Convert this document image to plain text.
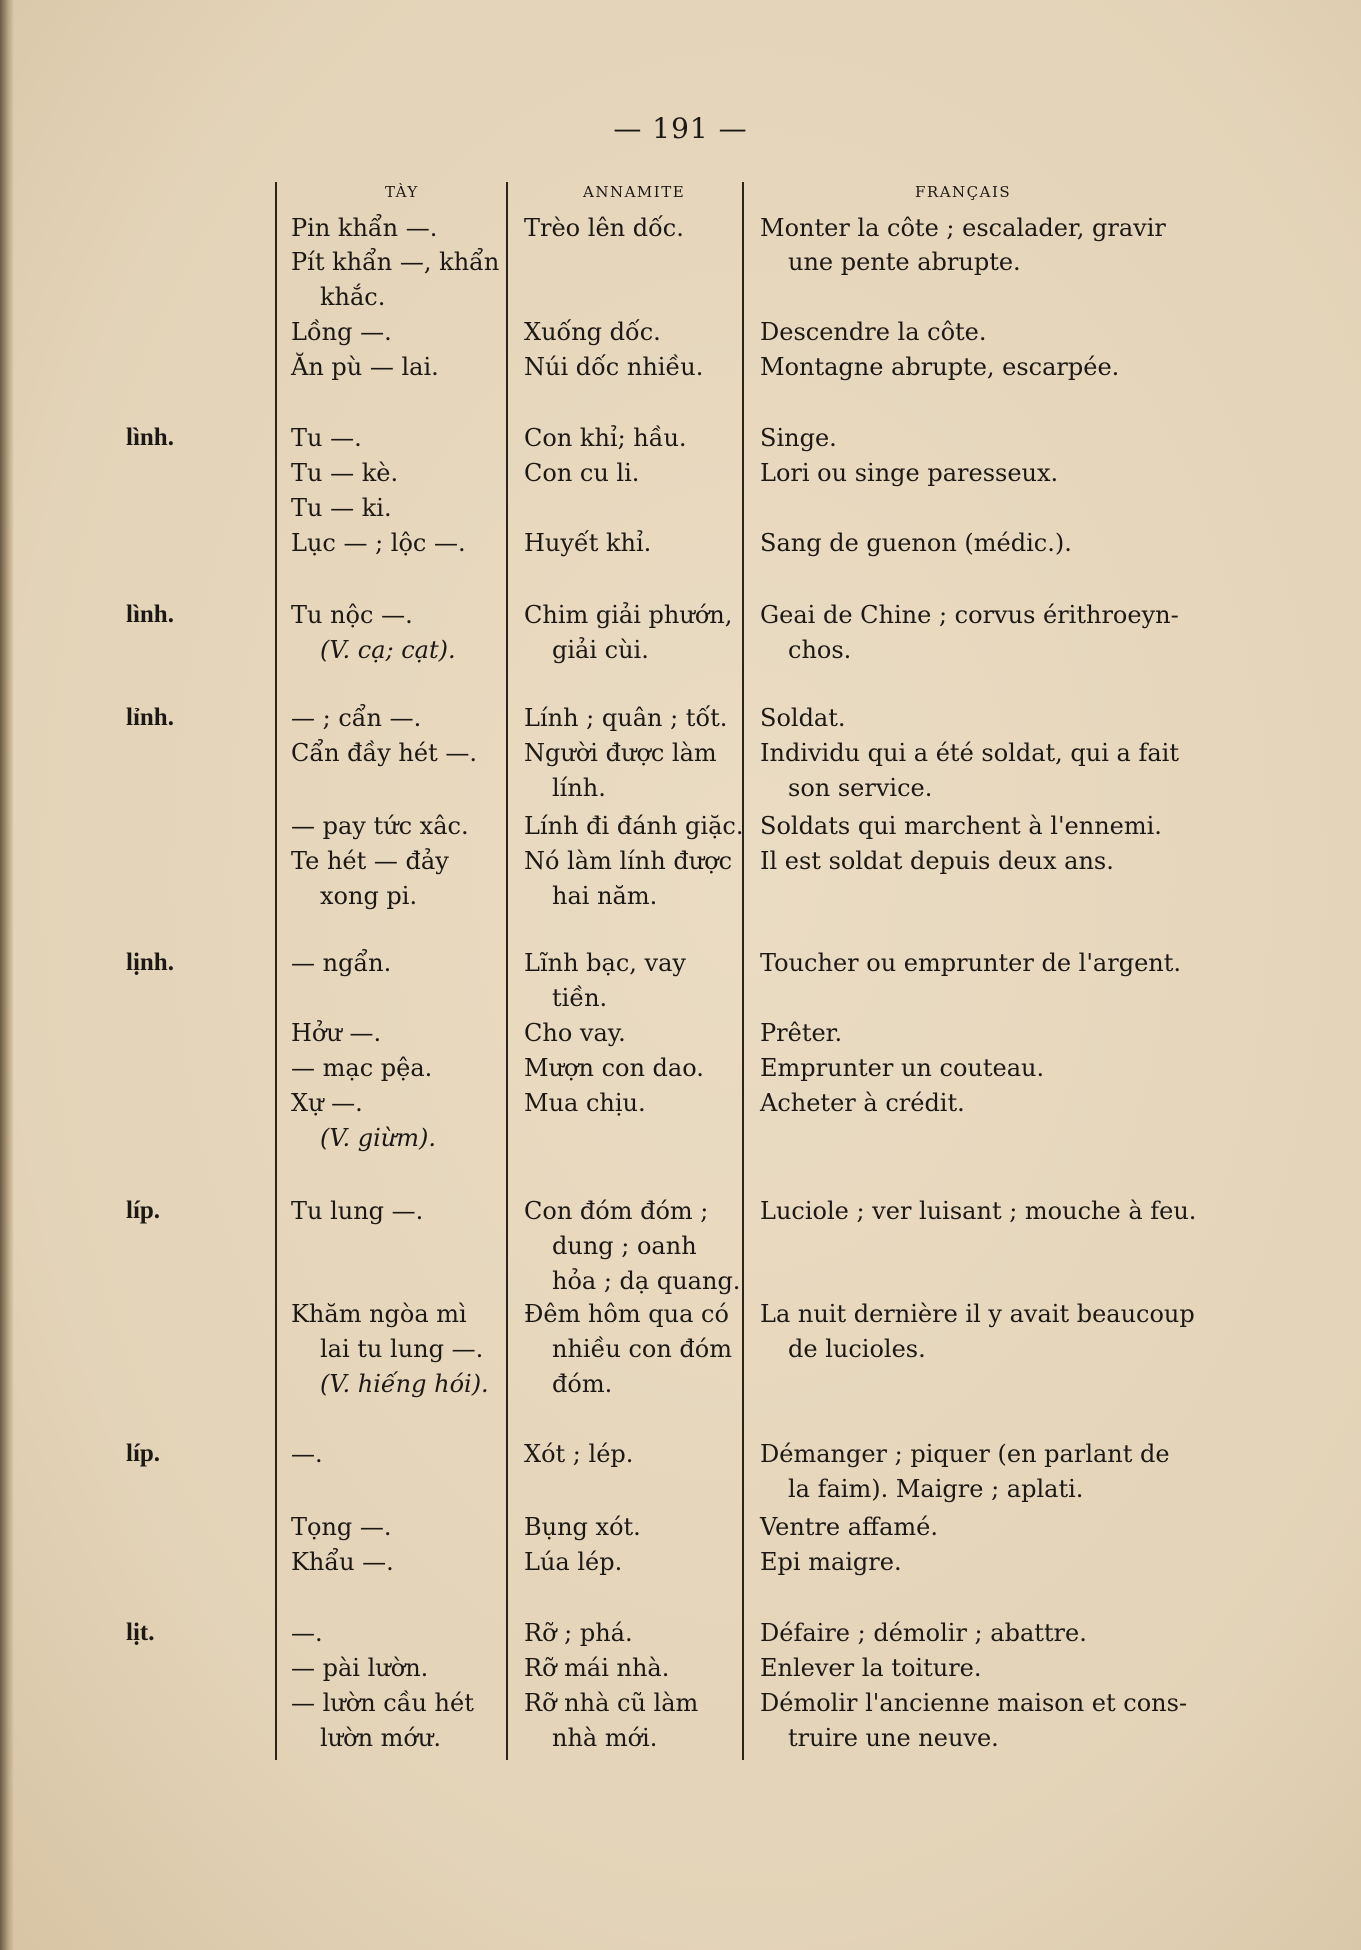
— 191 —
TÀY	ANNAMITE	FRANÇAIS
lình.
lình.
lỉnh.
lịnh.
líp.
líp.
lịt.
Pin khẩn —.
Pít khẩn —, khẩn
khắc.
Lồng —.
Ăn pù — lai.
Tu —.
Tu — kè.
Tu — ki.
Lục — ; lộc —.
Tu nộc —.
(V. cạ; cạt).
— ; cẩn —.
Cẩn đầy hét —.
— pay tức xâc.
Te hét — đảy
xong pi.
— ngẩn.
Hởư —.
— mạc pệa.
Xự —.
(V. giừm).
Tu lung —.
Khăm ngòa mì
lai tu lung —.
(V. hiếng hói).
—.
Tọng —.
Khẩu —.
—.
— pài lườn.
— lườn cầu hét
lườn mớư.
Trèo lên dốc.
Xuống dốc.
Núi dốc nhiều.
Con khỉ; hầu.
Con cu li.
Huyết khỉ.
Chim giải phướn,
giải cùi.
Lính ; quân ; tốt.
Người được làm
lính.
Lính đi đánh giặc.
Nó làm lính được
hai năm.
Lĩnh bạc, vay
tiền.
Cho vay.
Mượn con dao.
Mua chịu.
Con đóm đóm ;
dung ; oanh
hỏa ; dạ quang.
Đêm hôm qua có
nhiều con đóm
đóm.
Xót ; lép.
Bụng xót.
Lúa lép.
Rỡ ; phá.
Rỡ mái nhà.
Rỡ nhà cũ làm
nhà mới.
Monter la côte ; escalader, gravir
une pente abrupte.
Descendre la côte.
Montagne abrupte, escarpée.
Singe.
Lori ou singe paresseux.
Sang de guenon (médic.).
Geai de Chine ; corvus érithroeyn-
chos.
Soldat.
Individu qui a été soldat, qui a fait
son service.
Soldats qui marchent à l'ennemi.
Il est soldat depuis deux ans.
Toucher ou emprunter de l'argent.
Prêter.
Emprunter un couteau.
Acheter à crédit.
Luciole ; ver luisant ; mouche à feu.
La nuit dernière il y avait beaucoup
de lucioles.
Démanger ; piquer (en parlant de
la faim). Maigre ; aplati.
Ventre affamé.
Epi maigre.
Défaire ; démolir ; abattre.
Enlever la toiture.
Démolir l'ancienne maison et cons-
truire une neuve.
